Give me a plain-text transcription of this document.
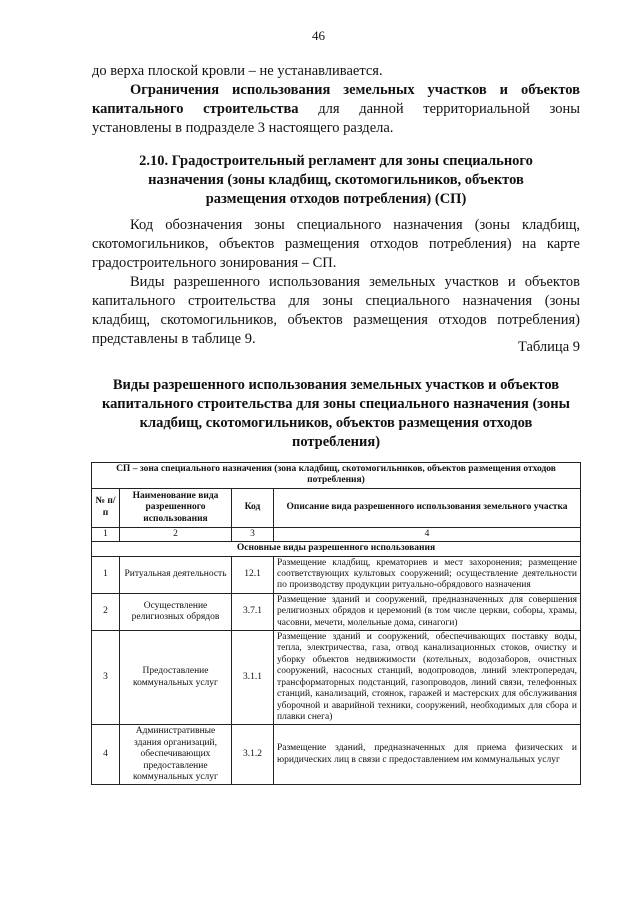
46
до верха плоской кровли – не устанавливается.
Ограничения использования земельных участков и объектов капитального строительства для данной территориальной зоны установлены в подразделе 3 настоящего раздела.
2.10. Градостроительный регламент для зоны специального назначения (зоны кладбищ, скотомогильников, объектов размещения отходов потребления) (СП)
Код обозначения зоны специального назначения (зоны кладбищ, скотомогильников, объектов размещения отходов потребления) на карте градостроительного зонирования – СП.
Виды разрешенного использования земельных участков и объектов капитального строительства для зоны специального назначения (зоны кладбищ, скотомогильников, объектов размещения отходов потребления) представлены в таблице 9.	Таблица 9
Виды разрешенного использования земельных участков и объектов капитального строительства для зоны специального назначения (зоны кладбищ, скотомогильников, объектов размещения отходов потребления)
СП – зона специального назначения (зона кладбищ, скотомогильников, объектов размещения отходов потребления)			
№ п/п	Наименование вида разрешенного использования	Код	Описание вида разрешенного использования земельного участка
1	2	3	4
Основные виды разрешенного использования			
1	Ритуальная деятельность	12.1	Размещение кладбищ, крематориев и мест захоронения; размещение соответствующих культовых сооружений; осуществление деятельности по производству продукции ритуально-обрядового назначения
2	Осуществление религиозных обрядов	3.7.1	Размещение зданий и сооружений, предназначенных для совершения религиозных обрядов и церемоний (в том числе церкви, соборы, храмы, часовни, мечети, молельные дома, синагоги)
3	Предоставление коммунальных услуг	3.1.1	Размещение зданий и сооружений, обеспечивающих поставку воды, тепла, электричества, газа, отвод канализационных стоков, очистку и уборку объектов недвижимости (котельных, водозаборов, очистных сооружений, насосных станций, водопроводов, линий электропередач, трансформаторных подстанций, газопроводов, линий связи, телефонных станций, канализаций, стоянок, гаражей и мастерских для обслуживания уборочной и аварийной техники, сооружений, необходимых для сбора и плавки снега)
4	Административные здания организаций, обеспечивающих предоставление коммунальных услуг	3.1.2	Размещение зданий, предназначенных для приема физических и юридических лиц в связи с предоставлением им коммунальных услуг
